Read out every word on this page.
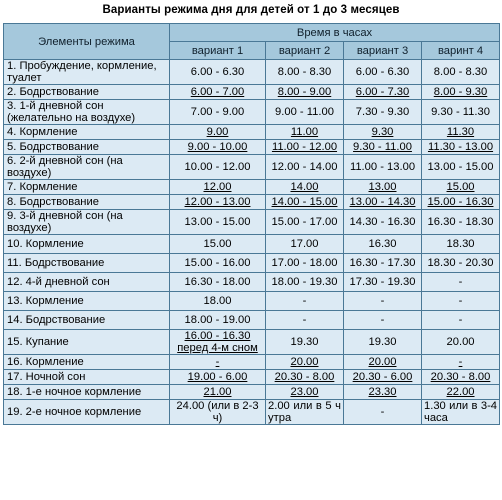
Варианты режима дня для детей от 1 до 3 месяцев
Элементы режима	Время в часах			
	вариант 1	вариант 2	вариант 3	варинт 4
1. Пробуждение, кормление, туалет	6.00 - 6.30	8.00 - 8.30	6.00 - 6.30	8.00 - 8.30
2. Бодрствование	6.00 - 7.00	8.00 - 9.00	6.00 - 7.30	8.00 - 9.30
3. 1-й дневной сон (желательно на воздухе)	7.00 - 9.00	9.00 - 11.00	7.30 - 9.30	9.30 - 11.30
4. Кормление	9.00	11.00	9.30	11.30
5. Бодрствование	9.00 - 10.00	11.00 - 12.00	9.30 - 11.00	11.30 - 13.00
6. 2-й дневной сон (на воздухе)	10.00 - 12.00	12.00 - 14.00	11.00 - 13.00	13.00 - 15.00
7. Кормление	12.00	14.00	13.00	15.00
8. Бодрствование	12.00 - 13.00	14.00 - 15.00	13.00 - 14.30	15.00 - 16.30
9. 3-й дневной сон (на воздухе)	13.00 - 15.00	15.00 - 17.00	14.30 - 16.30	16.30 - 18.30
10. Кормление	15.00	17.00	16.30	18.30
11. Бодрствование	15.00 - 16.00	17.00 - 18.00	16.30 - 17.30	18.30 - 20.30
12. 4-й дневной сон	16.30 - 18.00	18.00 - 19.30	17.30 - 19.30	-
13. Кормление	18.00	-	-	-
14. Бодрствование	18.00 - 19.00	-	-	-
15. Купание	16.00 - 16.30 перед 4-м сном	19.30	19.30	20.00
16. Кормление	-	20.00	20.00	-
17. Ночной сон	19.00 - 6.00	20.30 - 8.00	20.30 - 6.00	20.30 - 8.00
18. 1-е ночное кормление	21.00	23.00	23.30	22.00
19. 2-е ночное кормление	24.00 (или в 2-3 ч)	2.00 или в 5 ч утра	-	1.30 или в 3-4 часа
